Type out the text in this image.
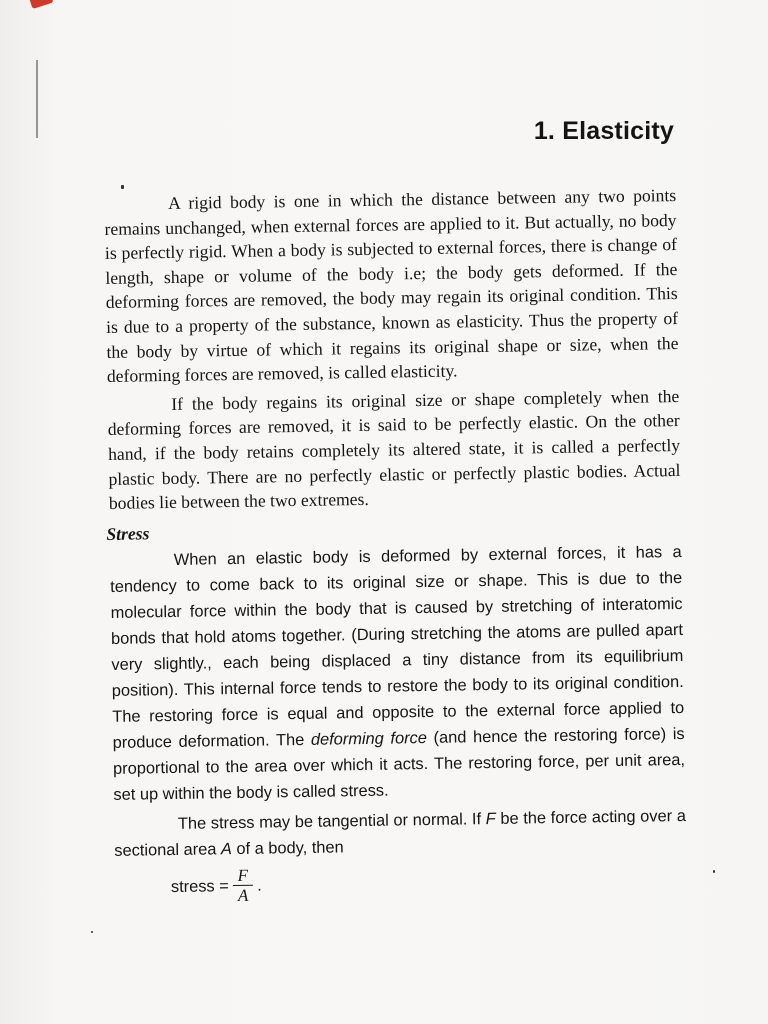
1. Elasticity

A rigid body is one in which the distance between any two points remains unchanged, when external forces are applied to it. But actually, no body is perfectly rigid. When a body is subjected to external forces, there is change of length, shape or volume of the body i.e; the body gets deformed. If the deforming forces are removed, the body may regain its original condition. This is due to a property of the substance, known as elasticity. Thus the property of the body by virtue of which it regains its original shape or size, when the deforming forces are removed, is called elasticity.

If the body regains its original size or shape completely when the deforming forces are removed, it is said to be perfectly elastic. On the other hand, if the body retains completely its altered state, it is called a perfectly plastic body. There are no perfectly elastic or perfectly plastic bodies. Actual bodies lie between the two extremes.

Stress

When an elastic body is deformed by external forces, it has a tendency to come back to its original size or shape. This is due to the molecular force within the body that is caused by stretching of interatomic bonds that hold atoms together. (During stretching the atoms are pulled apart very slightly., each being displaced a tiny distance from its equilibrium position). This internal force tends to restore the body to its original condition. The restoring force is equal and opposite to the external force applied to produce deformation. The deforming force (and hence the restoring force) is proportional to the area over which it acts. The restoring force, per unit area, set up within the body is called stress.

The stress may be tangential or normal. If F be the force acting over a sectional area A of a body, then

stress = $\frac{F}{A}$ .
